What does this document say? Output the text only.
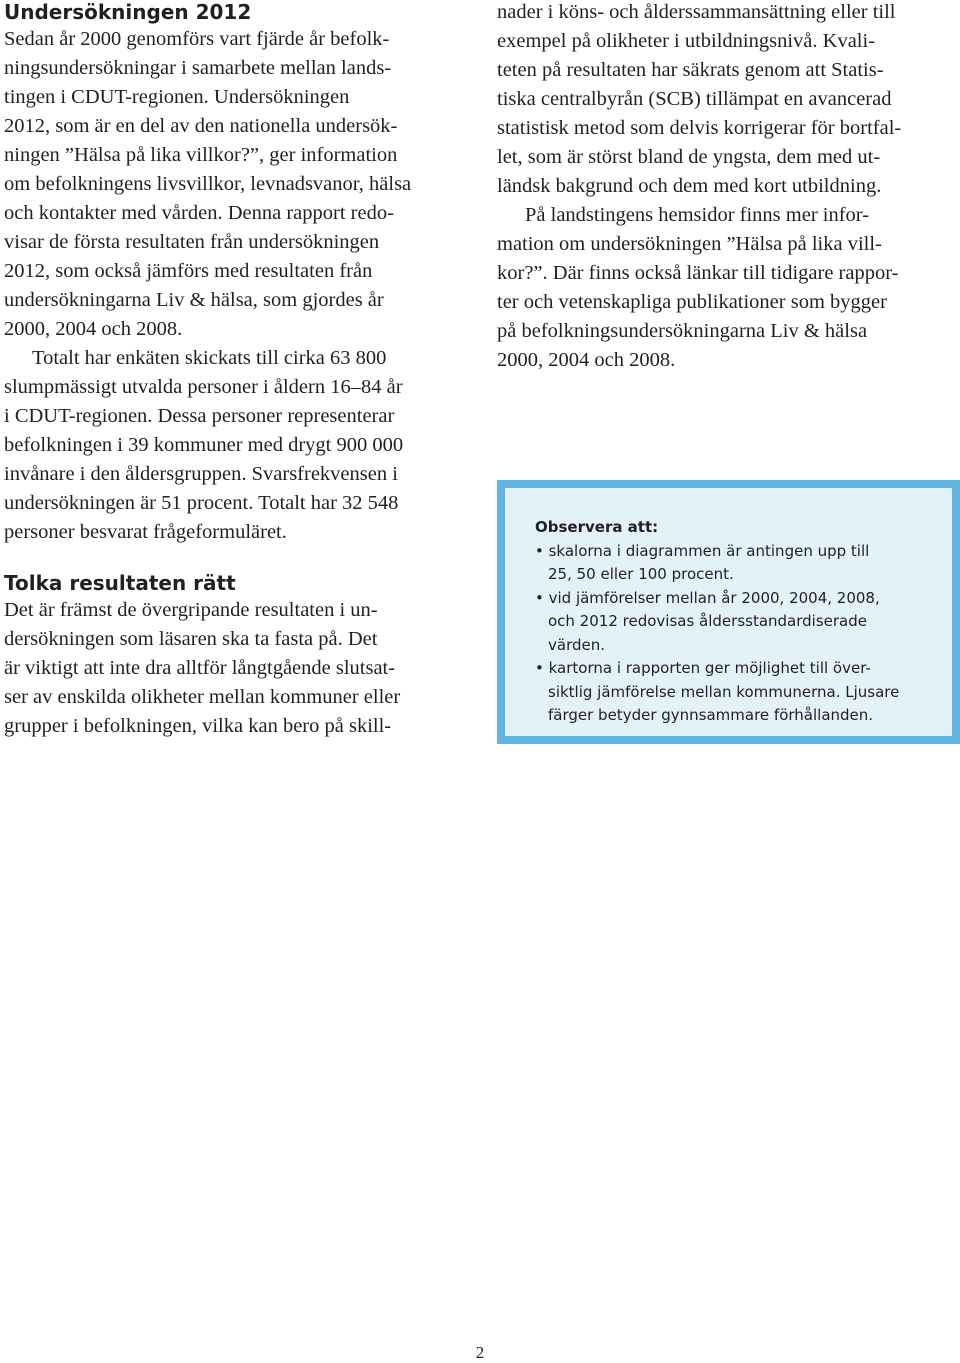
Undersökningen 2012
Sedan år 2000 genomförs vart fjärde år befolk-
ningsundersökningar i samarbete mellan lands-
tingen i CDUT-regionen. Undersökningen
2012, som är en del av den nationella undersök-
ningen ”Hälsa på lika villkor?”, ger information
om befolkningens livsvillkor, levnadsvanor, hälsa
och kontakter med vården. Denna rapport redo-
visar de första resultaten från undersökningen
2012, som också jämförs med resultaten från
undersökningarna Liv & hälsa, som gjordes år
2000, 2004 och 2008.
Totalt har enkäten skickats till cirka 63 800
slumpmässigt utvalda personer i åldern 16–84 år
i CDUT-regionen. Dessa personer representerar
befolkningen i 39 kommuner med drygt 900 000
invånare i den åldersgruppen. Svarsfrekvensen i
undersökningen är 51 procent. Totalt har 32 548
personer besvarat frågeformuläret.
Tolka resultaten rätt
Det är främst de övergripande resultaten i un-
dersökningen som läsaren ska ta fasta på. Det
är viktigt att inte dra alltför långtgående slutsat-
ser av enskilda olikheter mellan kommuner eller
grupper i befolkningen, vilka kan bero på skill-
nader i köns- och ålderssammansättning eller till
exempel på olikheter i utbildningsnivå. Kvali-
teten på resultaten har säkrats genom att Statis-
tiska centralbyrån (SCB) tillämpat en avancerad
statistisk metod som delvis korrigerar för bortfal-
let, som är störst bland de yngsta, dem med ut-
ländsk bakgrund och dem med kort utbildning.
På landstingens hemsidor finns mer infor-
mation om undersökningen ”Hälsa på lika vill-
kor?”. Där finns också länkar till tidigare rappor-
ter och vetenskapliga publikationer som bygger
på befolkningsundersökningarna Liv & hälsa
2000, 2004 och 2008.
Observera att:
• skalorna i diagrammen är antingen upp till
25, 50 eller 100 procent.
• vid jämförelser mellan år 2000, 2004, 2008,
och 2012 redovisas åldersstandardiserade
värden.
• kartorna i rapporten ger möjlighet till över-
siktlig jämförelse mellan kommunerna. Ljusare
färger betyder gynnsammare förhållanden.
2
